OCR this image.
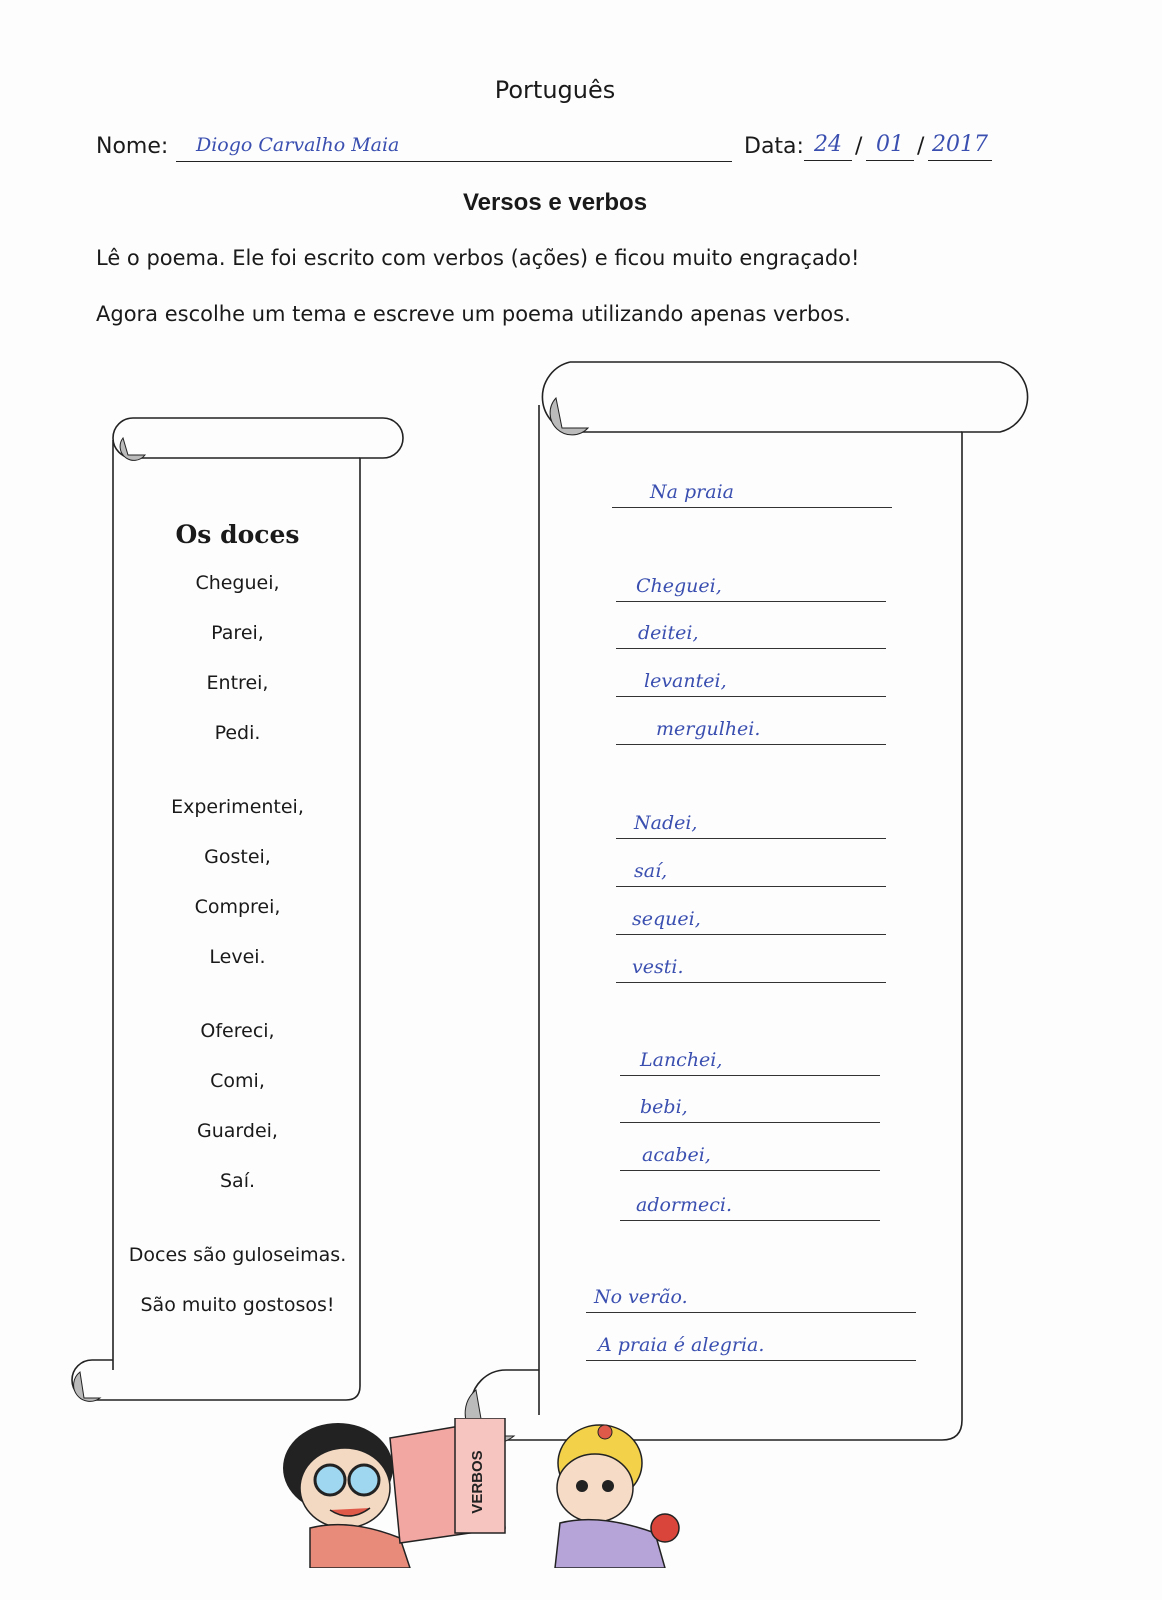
Português
Nome: Diogo Carvalho Maia	Data: 24 / 01 / 2017
Versos e verbos
Lê o poema. Ele foi escrito com verbos (ações) e ficou muito engraçado!
Agora escolhe um tema e escreve um poema utilizando apenas verbos.
Os doces
Cheguei,
Parei,
Entrei,
Pedi.
Experimentei,
Gostei,
Comprei,
Levei.
Ofereci,
Comi,
Guardei,
Saí.
Doces são guloseimas.
São muito gostosos!
Na praia
Cheguei,
deitei,
levantei,
mergulhei.
Nadei,
saí,
sequei,
vesti.
Lanchei,
bebi,
acabei,
adormeci.
No verão.
A praia é alegria.
VERBOS
